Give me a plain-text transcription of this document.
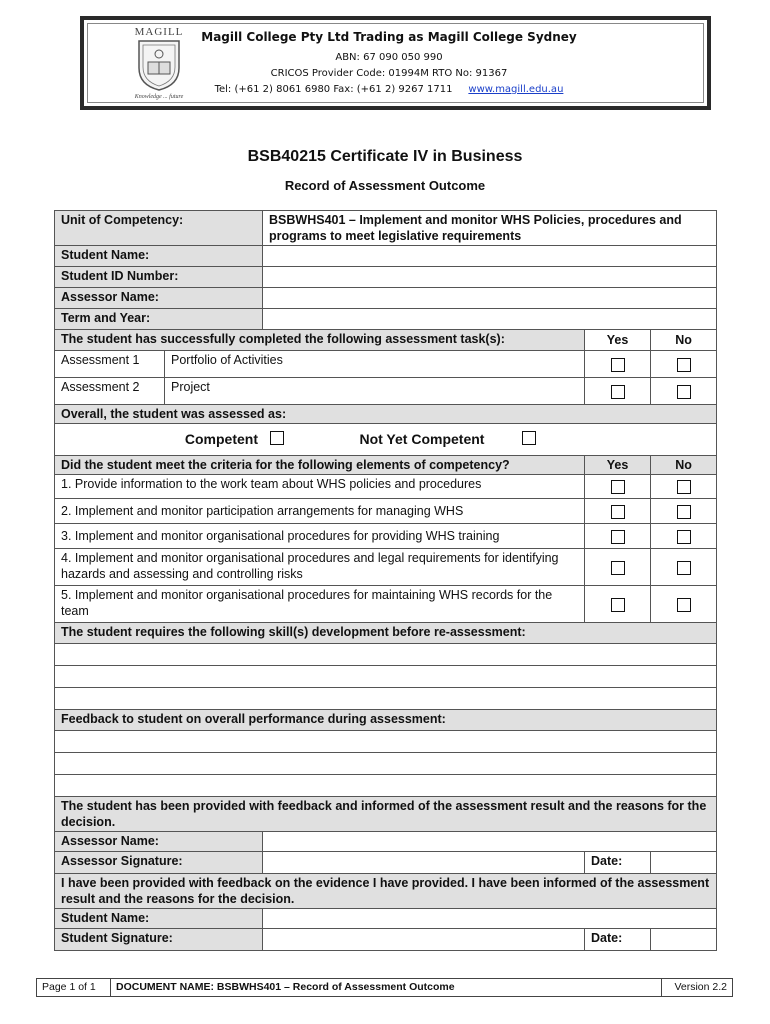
MAGILL
Knowledge ... future
Magill College Pty Ltd Trading as Magill College Sydney
ABN: 67 090 050 990
CRICOS Provider Code: 01994M RTO No: 91367
Tel: (+61 2) 8061 6980 Fax: (+61 2) 9267 1711 www.magill.edu.au
BSB40215 Certificate IV in Business
Record of Assessment Outcome
Unit of Competency:		BSBWHS401 – Implement and monitor WHS Policies, procedures and programs to meet legislative requirements		
Student Name:				
Student ID Number:				
Assessor Name:				
Term and Year:				
The student has successfully completed the following assessment task(s):			Yes	No
Assessment 1	Portfolio of Activities			
Assessment 2	Project			
Overall, the student was assessed as:				
Competent Not Yet Competent				
Did the student meet the criteria for the following elements of competency?			Yes	No
1. Provide information to the work team about WHS policies and procedures				
2. Implement and monitor participation arrangements for managing WHS				
3. Implement and monitor organisational procedures for providing WHS training				
4. Implement and monitor organisational procedures and legal requirements for identifying hazards and assessing and controlling risks				
5. Implement and monitor organisational procedures for maintaining WHS records for the team				
The student requires the following skill(s) development before re-assessment:				

Feedback to student on overall performance during assessment:				

The student has been provided with feedback and informed of the assessment result and the reasons for the decision.				
Assessor Name:				
Assessor Signature:			Date:	
I have been provided with feedback on the evidence I have provided. I have been informed of the assessment result and the reasons for the decision.				
Student Name:				
Student Signature:			Date:	
Page 1 of 1	DOCUMENT NAME: BSBWHS401 – Record of Assessment Outcome	Version 2.2
